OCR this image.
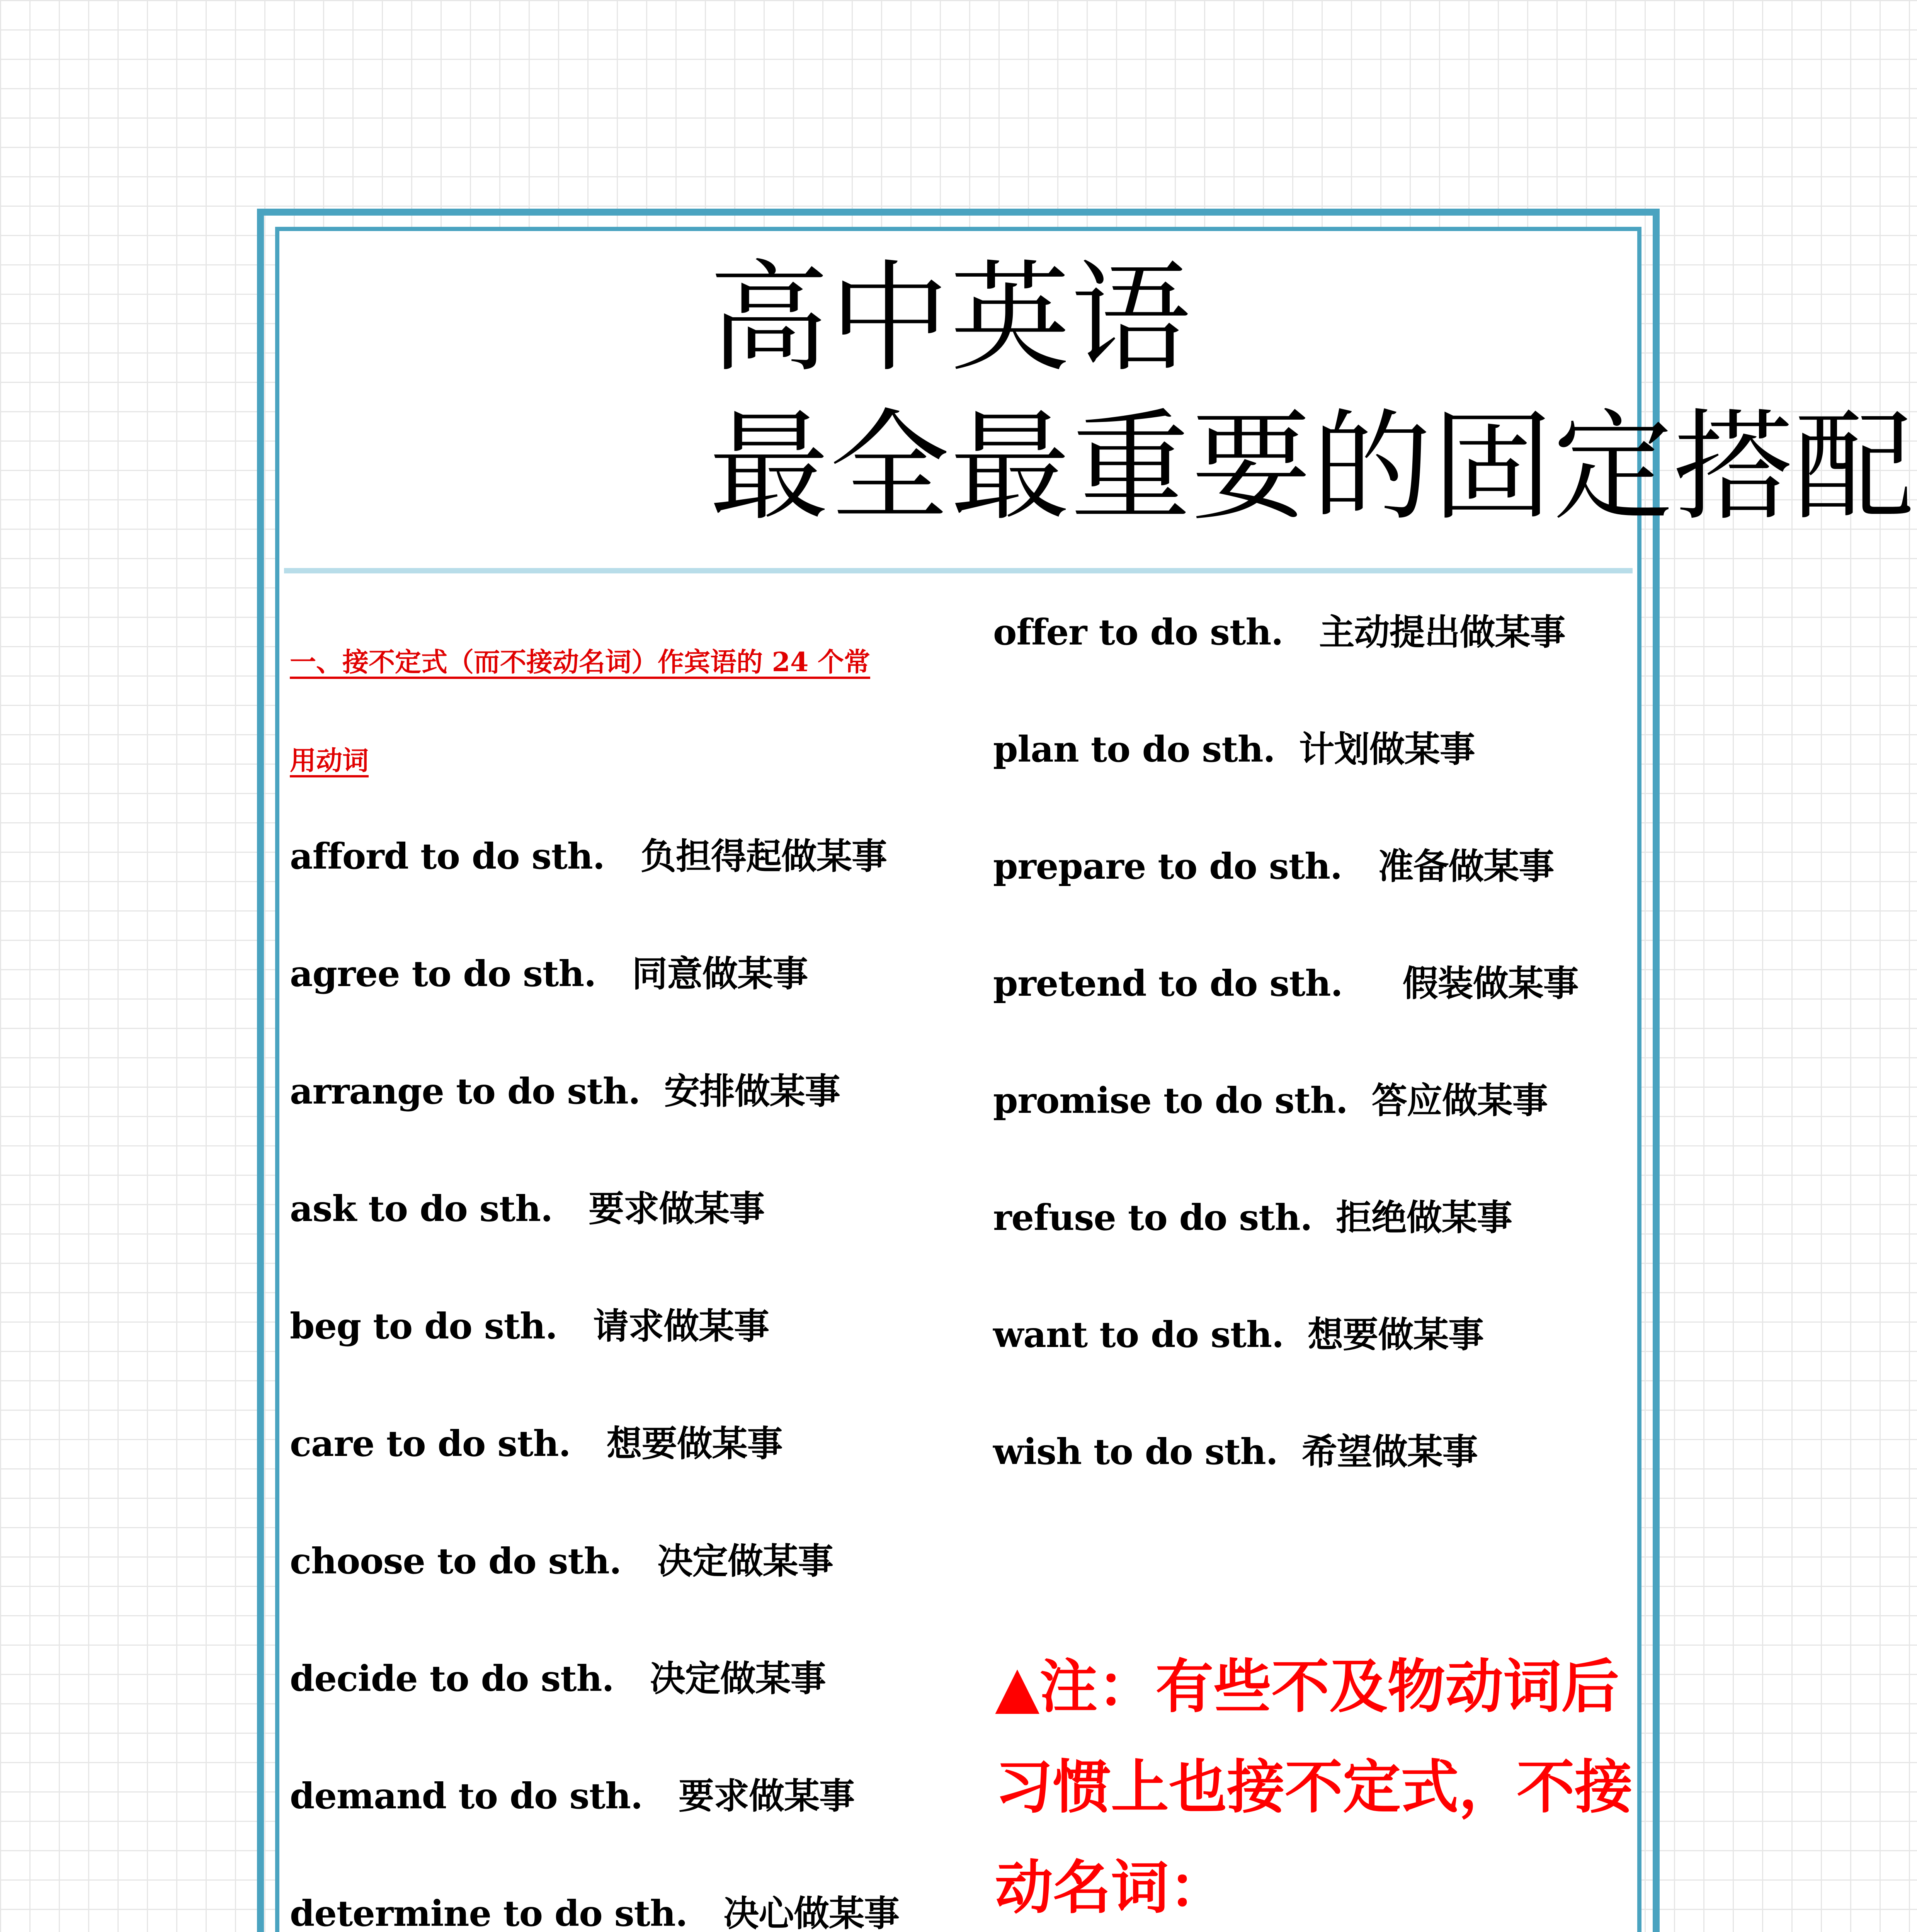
高中英语
最全最重要的固定搭配
一、接不定式（而不接动名词）作宾语的 24 个常
用动词
afford to do sth.   负担得起做某事
agree to do sth.   同意做某事
arrange to do sth.  安排做某事
ask to do sth.   要求做某事
beg to do sth.   请求做某事
care to do sth.   想要做某事
choose to do sth.   决定做某事
decide to do sth.   决定做某事
demand to do sth.   要求做某事
determine to do sth.   决心做某事
offer to do sth.   主动提出做某事
plan to do sth.  计划做某事
prepare to do sth.   准备做某事
pretend to do sth.     假装做某事
promise to do sth.  答应做某事
refuse to do sth.  拒绝做某事
want to do sth.  想要做某事
wish to do sth.  希望做某事
▲注：有些不及物动词后
习惯上也接不定式，不接
动名词：
